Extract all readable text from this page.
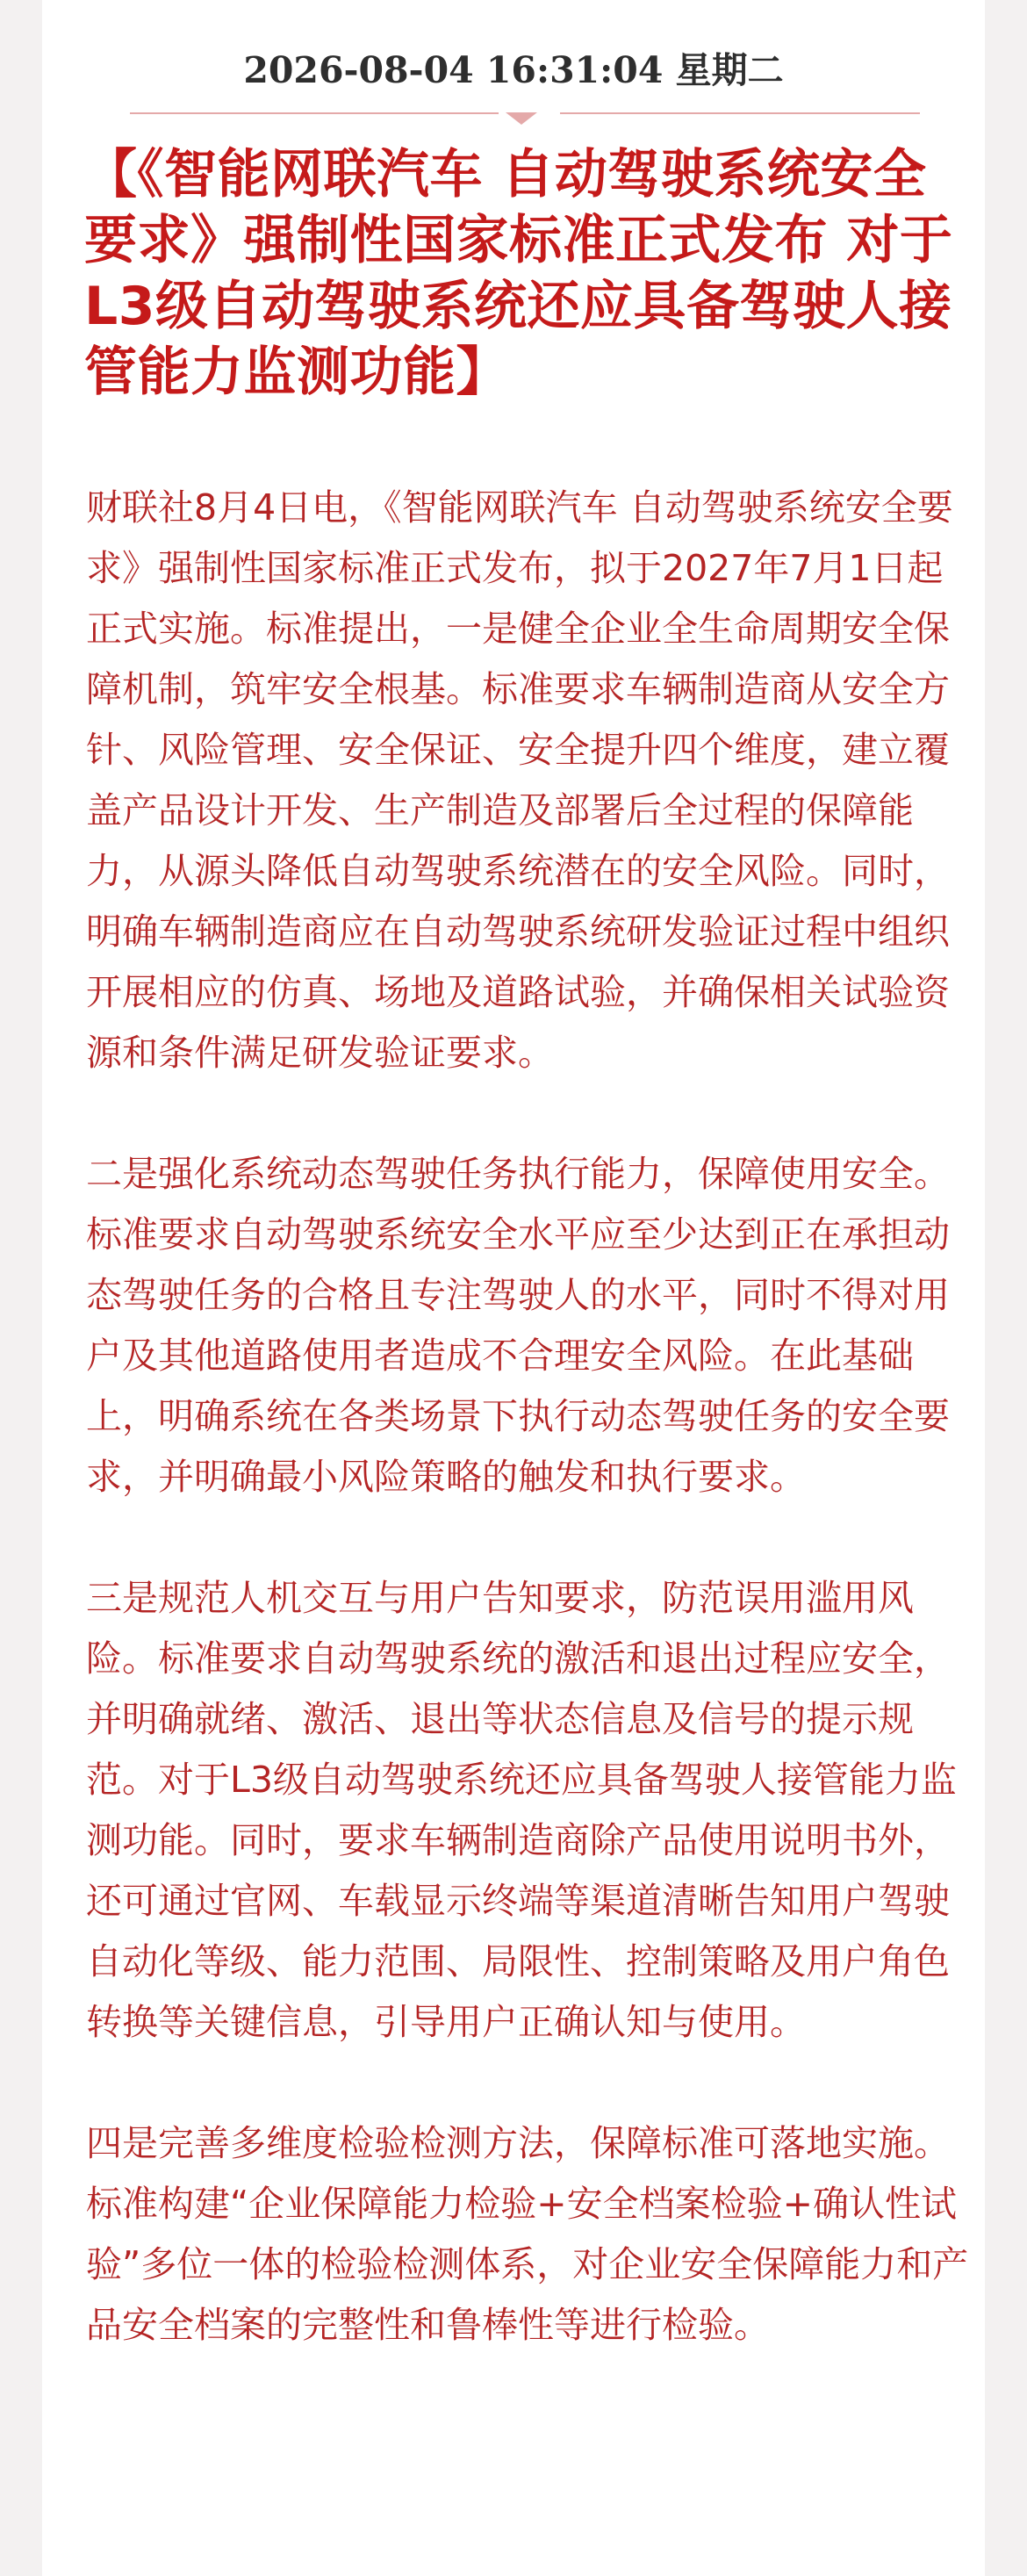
2026-08-04 16:31:04 星期二
【《智能网联汽车 自动驾驶系统安全要求》强制性国家标准正式发布 对于L3级自动驾驶系统还应具备驾驶人接管能力监测功能】

财联社8月4日电，《智能网联汽车 自动驾驶系统安全要求》强制性国家标准正式发布，拟于2027年7月1日起正式实施。标准提出，一是健全企业全生命周期安全保障机制，筑牢安全根基。标准要求车辆制造商从安全方针、风险管理、安全保证、安全提升四个维度，建立覆盖产品设计开发、生产制造及部署后全过程的保障能力，从源头降低自动驾驶系统潜在的安全风险。同时，明确车辆制造商应在自动驾驶系统研发验证过程中组织开展相应的仿真、场地及道路试验，并确保相关试验资源和条件满足研发验证要求。

二是强化系统动态驾驶任务执行能力，保障使用安全。标准要求自动驾驶系统安全水平应至少达到正在承担动态驾驶任务的合格且专注驾驶人的水平，同时不得对用户及其他道路使用者造成不合理安全风险。在此基础上，明确系统在各类场景下执行动态驾驶任务的安全要求，并明确最小风险策略的触发和执行要求。

三是规范人机交互与用户告知要求，防范误用滥用风险。标准要求自动驾驶系统的激活和退出过程应安全，并明确就绪、激活、退出等状态信息及信号的提示规范。对于L3级自动驾驶系统还应具备驾驶人接管能力监测功能。同时，要求车辆制造商除产品使用说明书外，还可通过官网、车载显示终端等渠道清晰告知用户驾驶自动化等级、能力范围、局限性、控制策略及用户角色转换等关键信息，引导用户正确认知与使用。

四是完善多维度检验检测方法，保障标准可落地实施。标准构建“企业保障能力检验+安全档案检验+确认性试验”多位一体的检验检测体系，对企业安全保障能力和产品安全档案的完整性和鲁棒性等进行检验。
